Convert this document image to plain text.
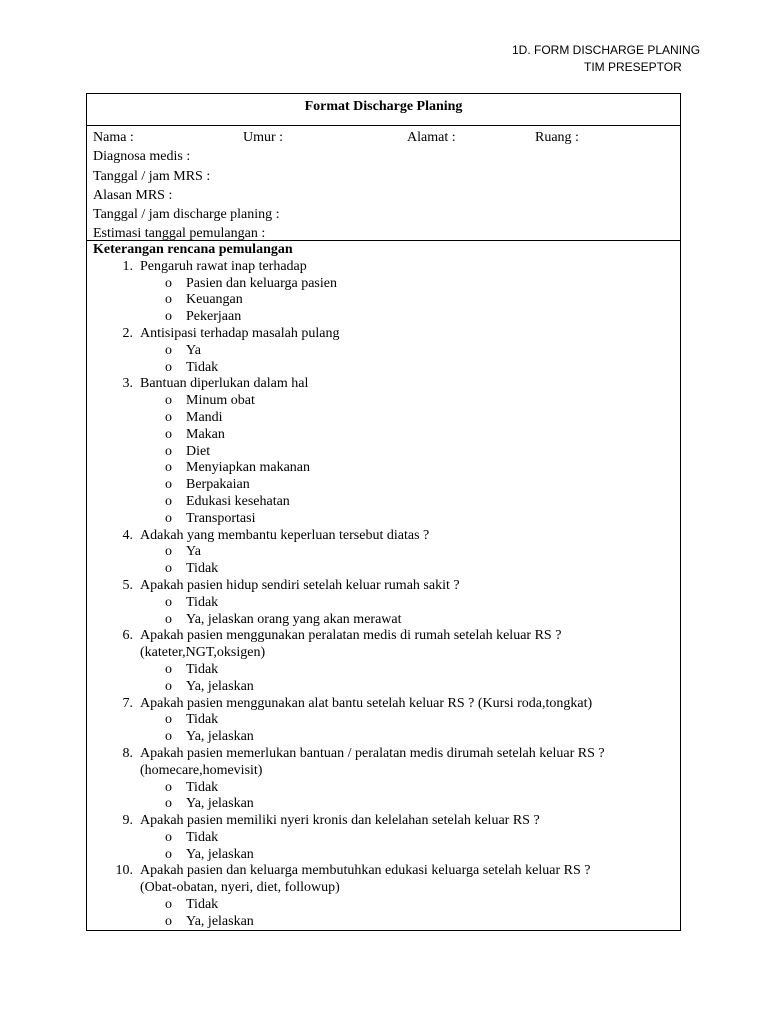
1D. FORM DISCHARGE PLANING
TIM PRESEPTOR
Format Discharge Planing
Nama :	Umur :	Alamat :	Ruang :
Diagnosa medis :
Tanggal / jam MRS :
Alasan MRS :
Tanggal / jam discharge planing :
Estimasi tanggal pemulangan :
Keterangan rencana pemulangan
1. Pengaruh rawat inap terhadap
o Pasien dan keluarga pasien
o Keuangan
o Pekerjaan
2. Antisipasi terhadap masalah pulang
o Ya
o Tidak
3. Bantuan diperlukan dalam hal
o Minum obat
o Mandi
o Makan
o Diet
o Menyiapkan makanan
o Berpakaian
o Edukasi kesehatan
o Transportasi
4. Adakah yang membantu keperluan tersebut diatas ?
o Ya
o Tidak
5. Apakah pasien hidup sendiri setelah keluar rumah sakit ?
o Tidak
o Ya, jelaskan orang yang akan merawat
6. Apakah pasien menggunakan peralatan medis di rumah setelah keluar RS ?
(kateter,NGT,oksigen)
o Tidak
o Ya, jelaskan
7. Apakah pasien menggunakan alat bantu setelah keluar RS ? (Kursi roda,tongkat)
o Tidak
o Ya, jelaskan
8. Apakah pasien memerlukan bantuan / peralatan medis dirumah setelah keluar RS ?
(homecare,homevisit)
o Tidak
o Ya, jelaskan
9. Apakah pasien memiliki nyeri kronis dan kelelahan setelah keluar RS ?
o Tidak
o Ya, jelaskan
10. Apakah pasien dan keluarga membutuhkan edukasi keluarga setelah keluar RS ?
(Obat-obatan, nyeri, diet, followup)
o Tidak
o Ya, jelaskan
